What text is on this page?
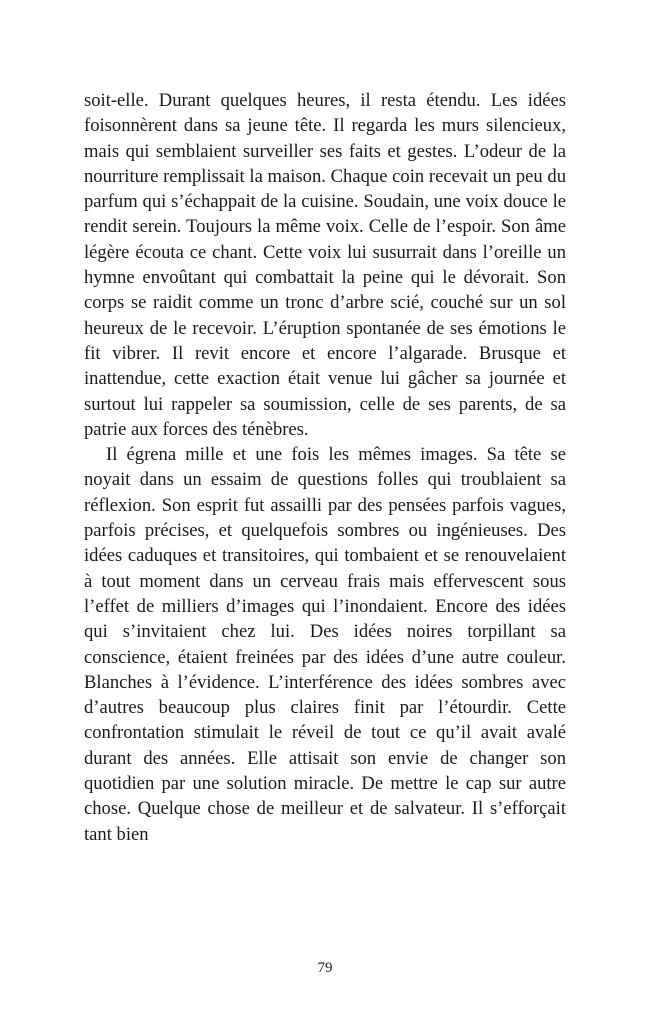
soit-elle. Durant quelques heures, il resta étendu. Les idées foisonnèrent dans sa jeune tête. Il regarda les murs silencieux, mais qui semblaient surveiller ses faits et gestes. L’odeur de la nourriture remplissait la maison. Chaque coin recevait un peu du parfum qui s’échappait de la cuisine. Soudain, une voix douce le rendit serein. Toujours la même voix. Celle de l’espoir. Son âme légère écouta ce chant. Cette voix lui susurrait dans l’oreille un hymne envoûtant qui combattait la peine qui le dévorait. Son corps se raidit comme un tronc d’arbre scié, couché sur un sol heureux de le recevoir. L’éruption spontanée de ses émotions le fit vibrer. Il revit encore et encore l’algarade. Brusque et inattendue, cette exaction était venue lui gâcher sa journée et surtout lui rappeler sa soumission, celle de ses parents, de sa patrie aux forces des ténèbres.

Il égrena mille et une fois les mêmes images. Sa tête se noyait dans un essaim de questions folles qui troublaient sa réflexion. Son esprit fut assailli par des pensées parfois vagues, parfois précises, et quelquefois sombres ou ingénieuses. Des idées caduques et transitoires, qui tombaient et se renouvelaient à tout moment dans un cerveau frais mais effervescent sous l’effet de milliers d’images qui l’inondaient. Encore des idées qui s’invitaient chez lui. Des idées noires torpillant sa conscience, étaient freinées par des idées d’une autre couleur. Blanches à l’évidence. L’interférence des idées sombres avec d’autres beaucoup plus claires finit par l’étourdir. Cette confrontation stimulait le réveil de tout ce qu’il avait avalé durant des années. Elle attisait son envie de changer son quotidien par une solution miracle. De mettre le cap sur autre chose. Quelque chose de meilleur et de salvateur. Il s’efforçait tant bien

79
